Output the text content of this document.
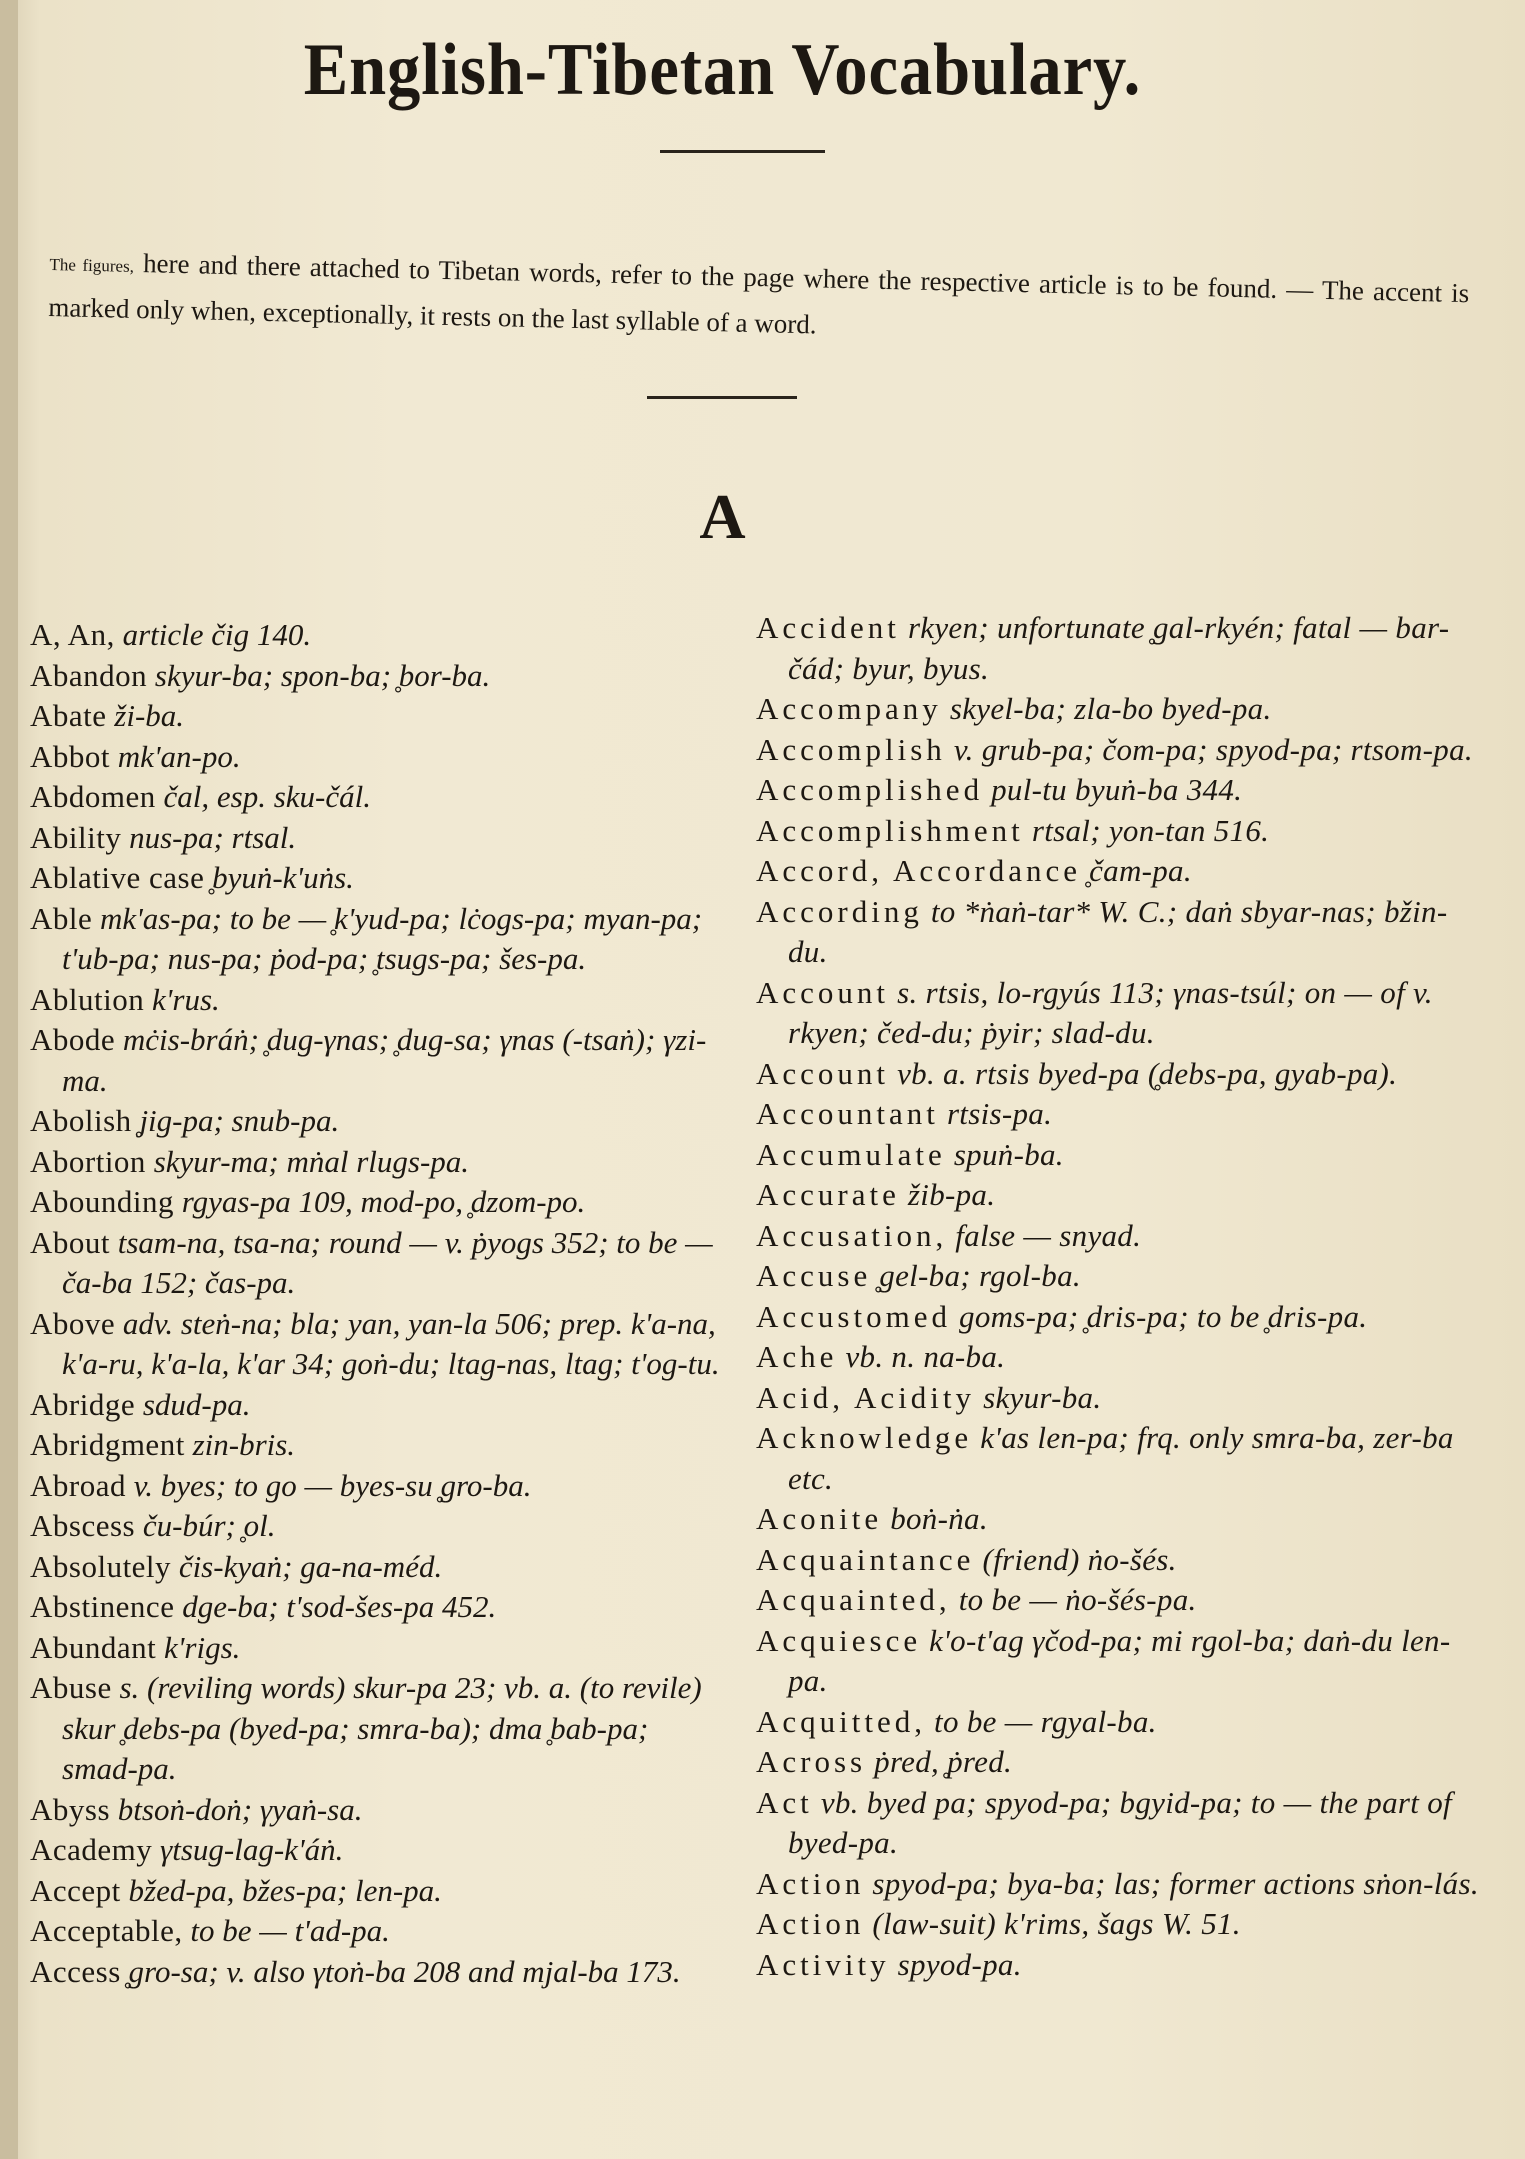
English-Tibetan Vocabulary.
The figures, here and there attached to Tibetan words, refer to the page where the respective article is to be found. — The accent is marked only when, exceptionally, it rests on the last syllable of a word.
A

A, An, article čig 140.

Abandon skyur-ba; spon-ba; ̥bor-ba.

Abate ži-ba.

Abbot mk'an-po.

Abdomen čal, esp. sku-čál.

Ability nus-pa; rtsal.

Ablative case ̥byuṅ-k'uṅs.

Able mk'as-pa; to be — ̥k'yud-pa; lċogs-pa; myan-pa; t'ub-pa; nus-pa; ṗod-pa; ̥tsugs-pa; šes-pa.

Ablution k'rus.

Abode mċis-bráṅ; ̥dug-γnas; ̥dug-sa; γnas (-tsaṅ); γzi-ma.

Abolish ̥jig-pa; snub-pa.

Abortion skyur-ma; mṅal rlugs-pa.

Abounding rgyas-pa 109, mod-po, ̥dzom-po.

About tsam-na, tsa-na; round — v. ṗyogs 352; to be — ča-ba 152; čas-pa.

Above adv. steṅ-na; bla; yan, yan-la 506; prep. k'a-na, k'a-ru, k'a-la, k'ar 34; goṅ-du; ltag-nas, ltag; t'og-tu.

Abridge sdud-pa.

Abridgment zin-bris.

Abroad v. byes; to go — byes-su ̥gro-ba.

Abscess ču-búr; ̥ol.

Absolutely čis-kyaṅ; ga-na-méd.

Abstinence dge-ba; t'sod-šes-pa 452.

Abundant k'rigs.

Abuse s. (reviling words) skur-pa 23; vb. a. (to revile) skur ̥debs-pa (byed-pa; smra-ba); dma ̥bab-pa; smad-pa.

Abyss btsoṅ-doṅ; γyaṅ-sa.

Academy γtsug-lag-k'áṅ.

Accept bžed-pa, bžes-pa; len-pa.

Acceptable, to be — t'ad-pa.

Access ̥gro-sa; v. also γtoṅ-ba 208 and mjal-ba 173.

Accident rkyen; unfortunate ̥gal-rkyén; fatal — bar-čád; byur, byus.

Accompany skyel-ba; zla-bo byed-pa.

Accomplish v. grub-pa; čom-pa; spyod-pa; rtsom-pa.

Accomplished pul-tu byuṅ-ba 344.

Accomplishment rtsal; yon-tan 516.

Accord, Accordance ̥čam-pa.

According to *ṅaṅ-tar* W. C.; daṅ sbyar-nas; bžin-du.

Account s. rtsis, lo-rgyús 113; γnas-tsúl; on — of v. rkyen; čed-du; ṗyir; slad-du.

Account vb. a. rtsis byed-pa (̥debs-pa, gyab-pa).

Accountant rtsis-pa.

Accumulate spuṅ-ba.

Accurate žib-pa.

Accusation, false — snyad.

Accuse ̥gel-ba; rgol-ba.

Accustomed goms-pa; ̥dris-pa; to be ̥dris-pa.

Ache vb. n. na-ba.

Acid, Acidity skyur-ba.

Acknowledge k'as len-pa; frq. only smra-ba, zer-ba etc.

Aconite boṅ-ṅa.

Acquaintance (friend) ṅo-šés.

Acquainted, to be — ṅo-šés-pa.

Acquiesce k'o-t'ag γčod-pa; mi rgol-ba; daṅ-du len-pa.

Acquitted, to be — rgyal-ba.

Across ṗred, ̥ṗred.

Act vb. byed pa; spyod-pa; bgyid-pa; to — the part of byed-pa.

Action spyod-pa; bya-ba; las; former actions sṅon-lás.

Action (law-suit) k'rims, šags W. 51.

Activity spyod-pa.
